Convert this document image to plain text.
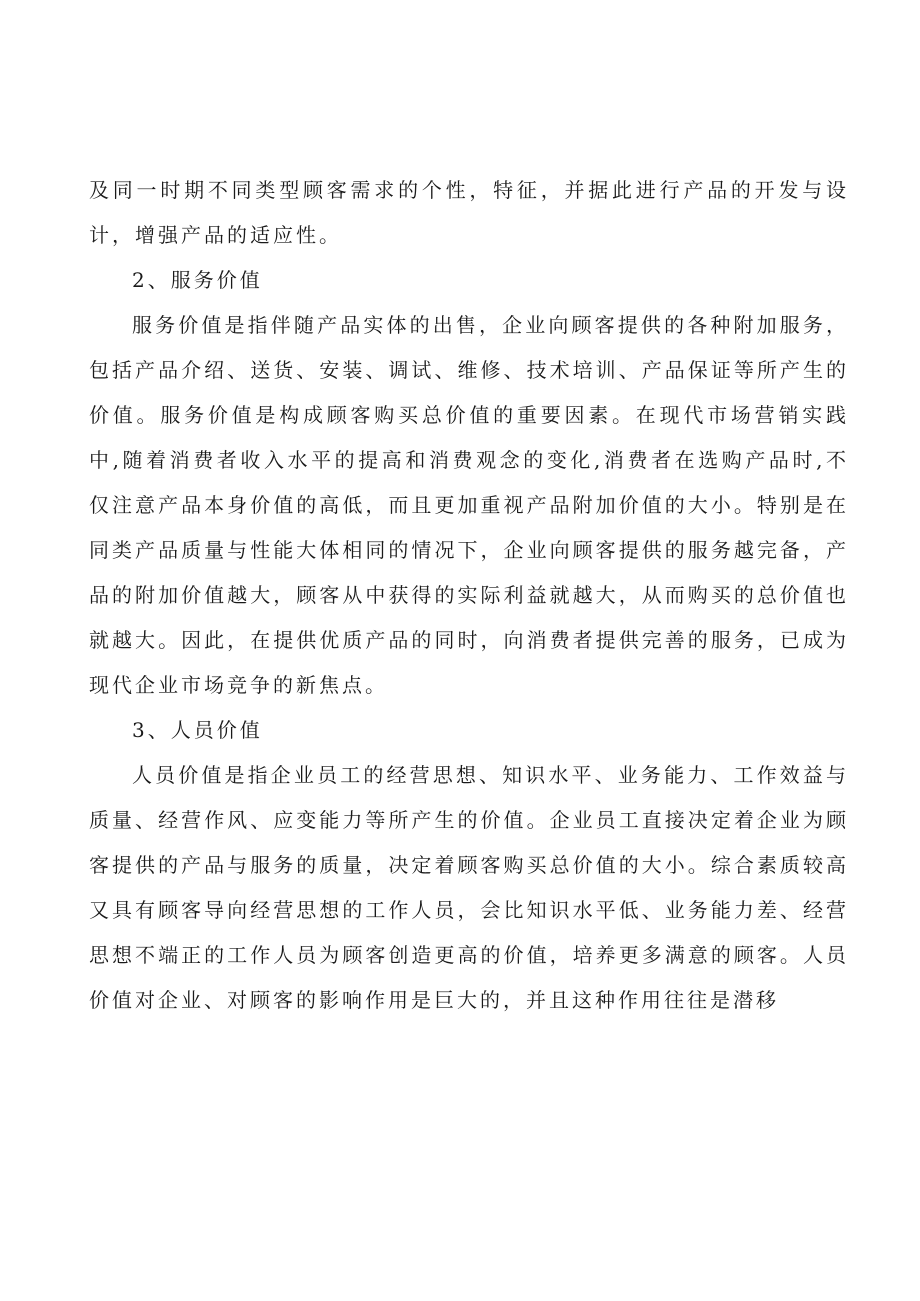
及同一时期不同类型顾客需求的个性，特征，并据此进行产品的开发与设计，增强产品的适应性。

2、服务价值

服务价值是指伴随产品实体的出售，企业向顾客提供的各种附加服务，包括产品介绍、送货、安装、调试、维修、技术培训、产品保证等所产生的价值。服务价值是构成顾客购买总价值的重要因素。在现代市场营销实践中,随着消费者收入水平的提高和消费观念的变化,消费者在选购产品时,不仅注意产品本身价值的高低，而且更加重视产品附加价值的大小。特别是在同类产品质量与性能大体相同的情况下，企业向顾客提供的服务越完备，产品的附加价值越大，顾客从中获得的实际利益就越大，从而购买的总价值也就越大。因此，在提供优质产品的同时，向消费者提供完善的服务，已成为现代企业市场竞争的新焦点。

3、人员价值

人员价值是指企业员工的经营思想、知识水平、业务能力、工作效益与质量、经营作风、应变能力等所产生的价值。企业员工直接决定着企业为顾客提供的产品与服务的质量，决定着顾客购买总价值的大小。综合素质较高又具有顾客导向经营思想的工作人员，会比知识水平低、业务能力差、经营思想不端正的工作人员为顾客创造更高的价值，培养更多满意的顾客。人员价值对企业、对顾客的影响作用是巨大的，并且这种作用往往是潜移
